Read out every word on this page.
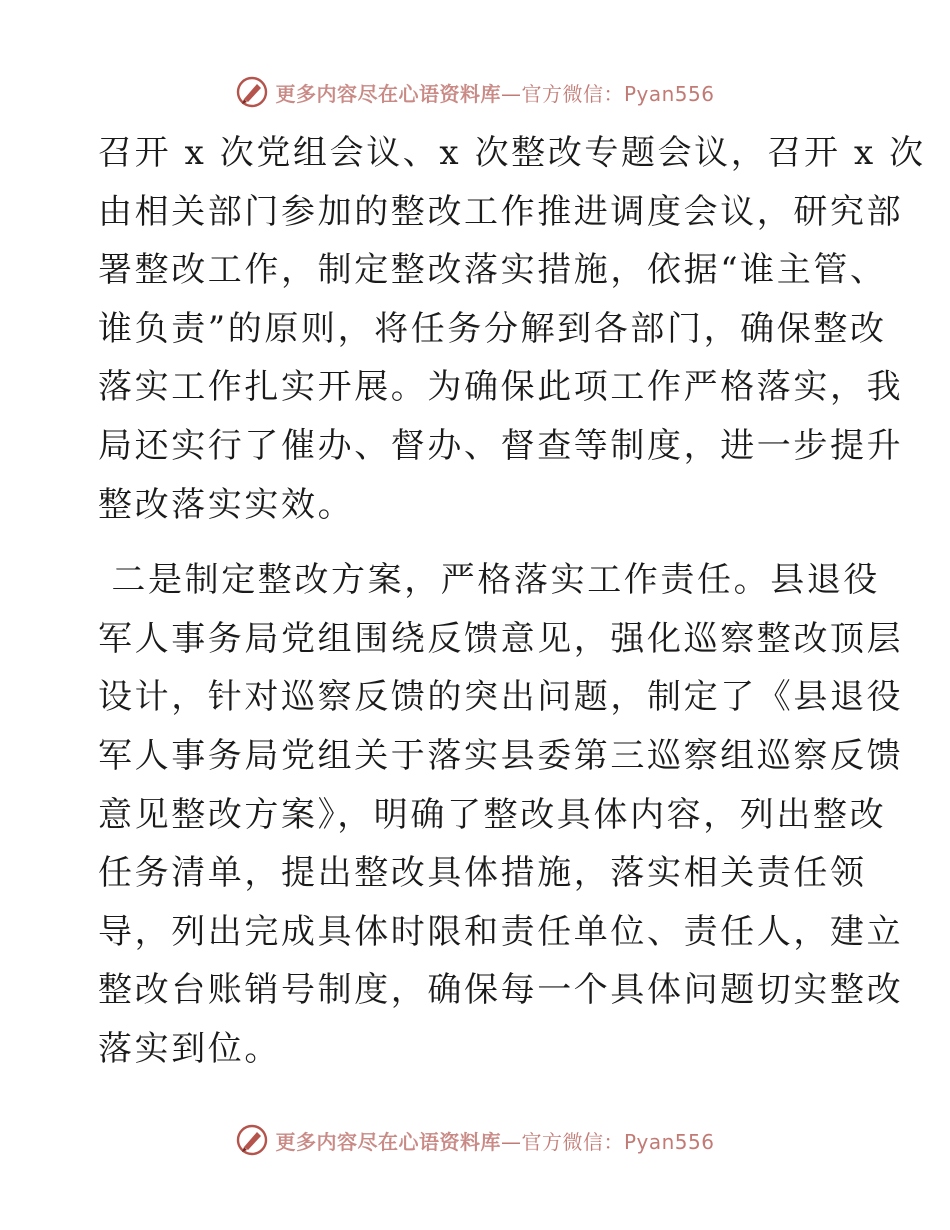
更多内容尽在心语资料库—官方微信：Pyan556

召开 x 次党组会议、x 次整改专题会议，召开 x 次
由相关部门参加的整改工作推进调度会议，研究部
署整改工作，制定整改落实措施，依据“谁主管、
谁负责”的原则，将任务分解到各部门，确保整改
落实工作扎实开展。为确保此项工作严格落实，我
局还实行了催办、督办、督查等制度，进一步提升
整改落实实效。

二是制定整改方案，严格落实工作责任。县退役
军人事务局党组围绕反馈意见，强化巡察整改顶层
设计，针对巡察反馈的突出问题，制定了《县退役
军人事务局党组关于落实县委第三巡察组巡察反馈
意见整改方案》，明确了整改具体内容，列出整改
任务清单，提出整改具体措施，落实相关责任领
导，列出完成具体时限和责任单位、责任人，建立
整改台账销号制度，确保每一个具体问题切实整改
落实到位。

更多内容尽在心语资料库—官方微信：Pyan556
